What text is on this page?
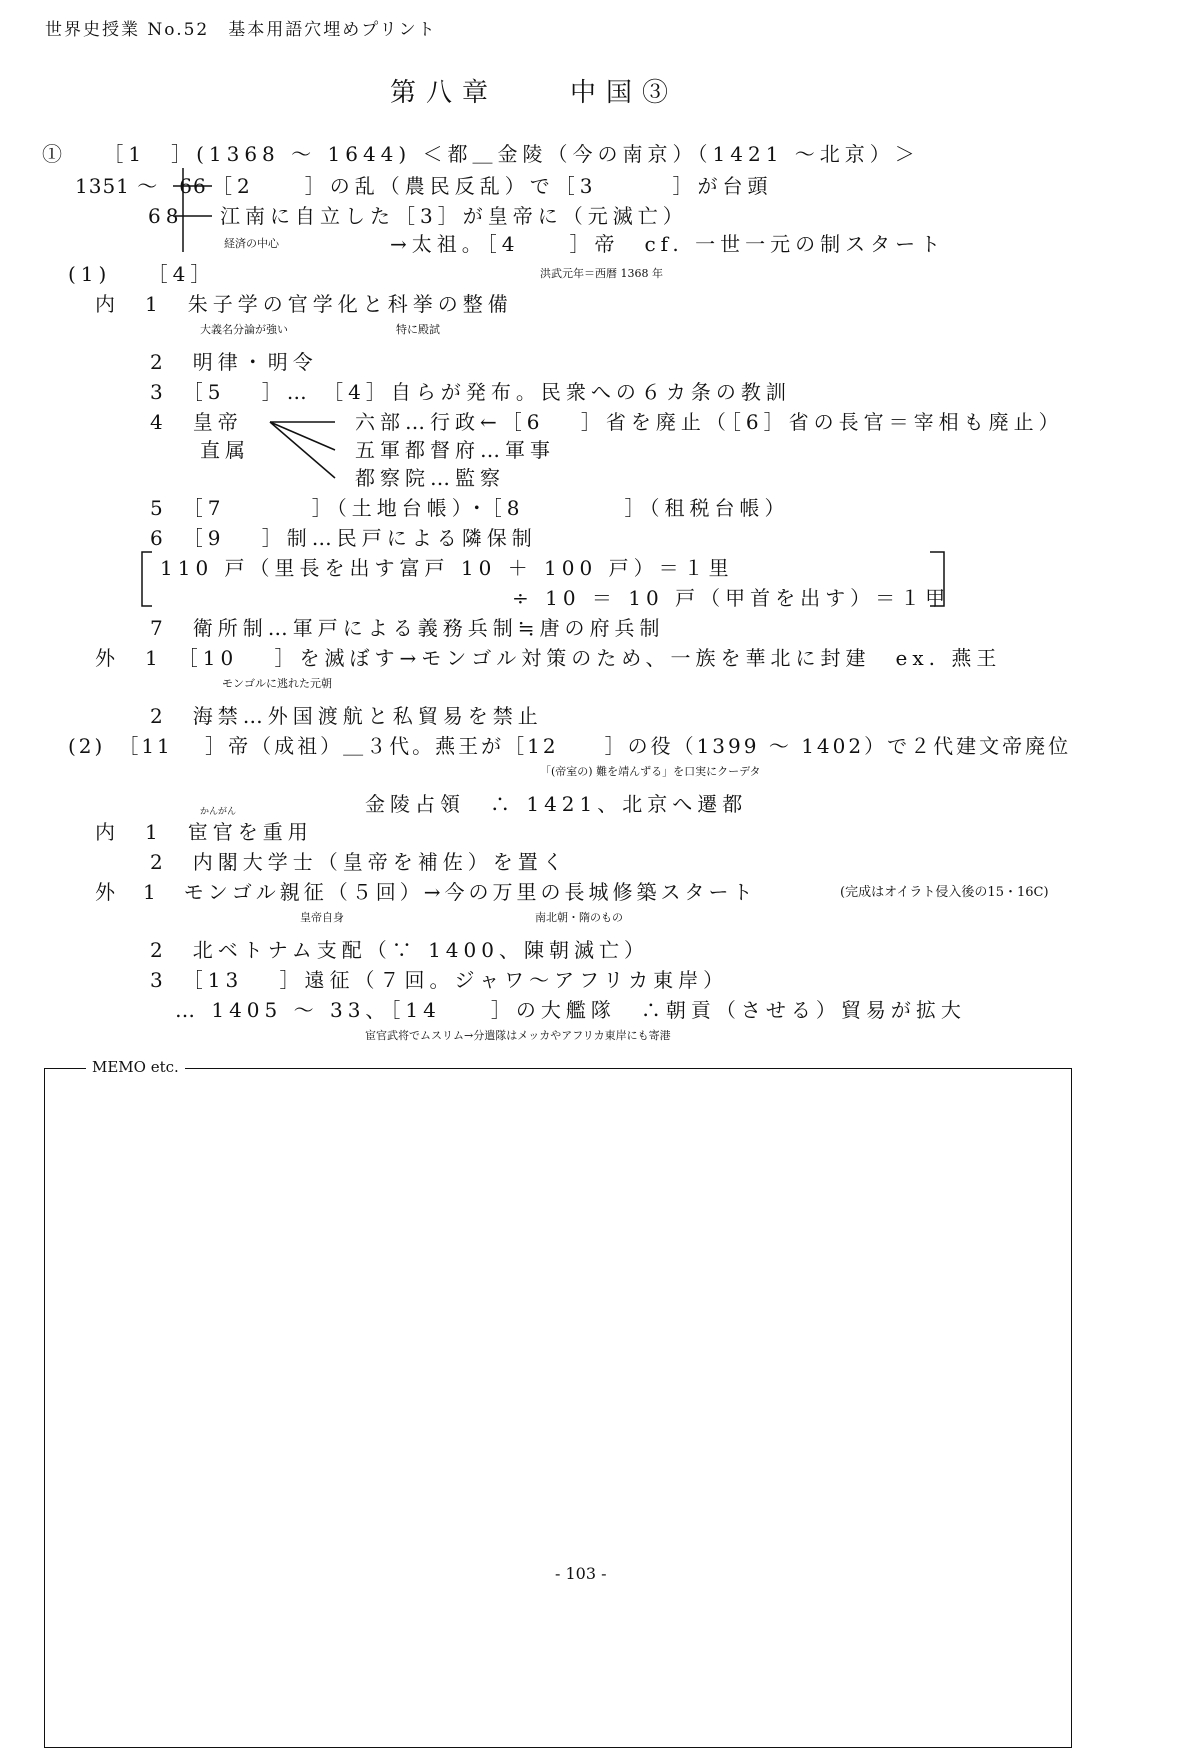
世界史授業 No.52　基本用語穴埋めプリント
第八章　　中国③
①　 ［1　］(1368 ～ 1644) ＜都＿金陵（今の南京）（1421 ～北京）＞
1351 ～　66 ［2　　］の乱（農民反乱）で［3　　　］が台頭
68 江南に自立した［3］が皇帝に（元滅亡）
経済の中心	→太祖。［4　　］帝　cf. 一世一元の制スタート
(1)　 ［4］	洪武元年＝西暦 1368 年
内　1　朱子学の官学化と科挙の整備
大義名分論が強い	特に殿試
2　明律・明令
3　［5　 ］… ［4］自らが発布。民衆への６カ条の教訓
4　皇帝	六部…行政←［6　 ］省を廃止（［6］省の長官＝宰相も廃止）
直属	五軍都督府…軍事
都察院…監察
5　［7　　　 ］（土地台帳）・［8　　　　］（租税台帳）
6　［9　 ］制…民戸による隣保制
110 戸（里長を出す富戸 10 ＋ 100 戸）＝１里
÷ 10 ＝ 10 戸（甲首を出す）＝１甲
7　衛所制…軍戸による義務兵制≒唐の府兵制
外　1　［10　 ］を滅ぼす→モンゴル対策のため、一族を華北に封建　ex. 燕王
モンゴルに逃れた元朝
2　海禁…外国渡航と私貿易を禁止
(2)　［11　 ］帝（成祖）＿３代。燕王が［12　　］の役（1399 ～ 1402）で２代建文帝廃位
「(帝室の) 難を靖んずる」を口実にクーデタ
金陵占領　∴ 1421、北京へ遷都
かんがん
内　1　宦官を重用
2　内閣大学士（皇帝を補佐）を置く
外　1　モンゴル親征（５回）→今の万里の長城修築スタート	(完成はオイラト侵入後の15・16C)
皇帝自身	南北朝・隋のもの
2　北ベトナム支配（∵ 1400、陳朝滅亡）
3　［13　 ］遠征（７回。ジャワ～アフリカ東岸）
… 1405 ～ 33、［14　　］の大艦隊　∴朝貢（させる）貿易が拡大
宦官武将でムスリム→分遣隊はメッカやアフリカ東岸にも寄港
MEMO etc.
- 103 -
